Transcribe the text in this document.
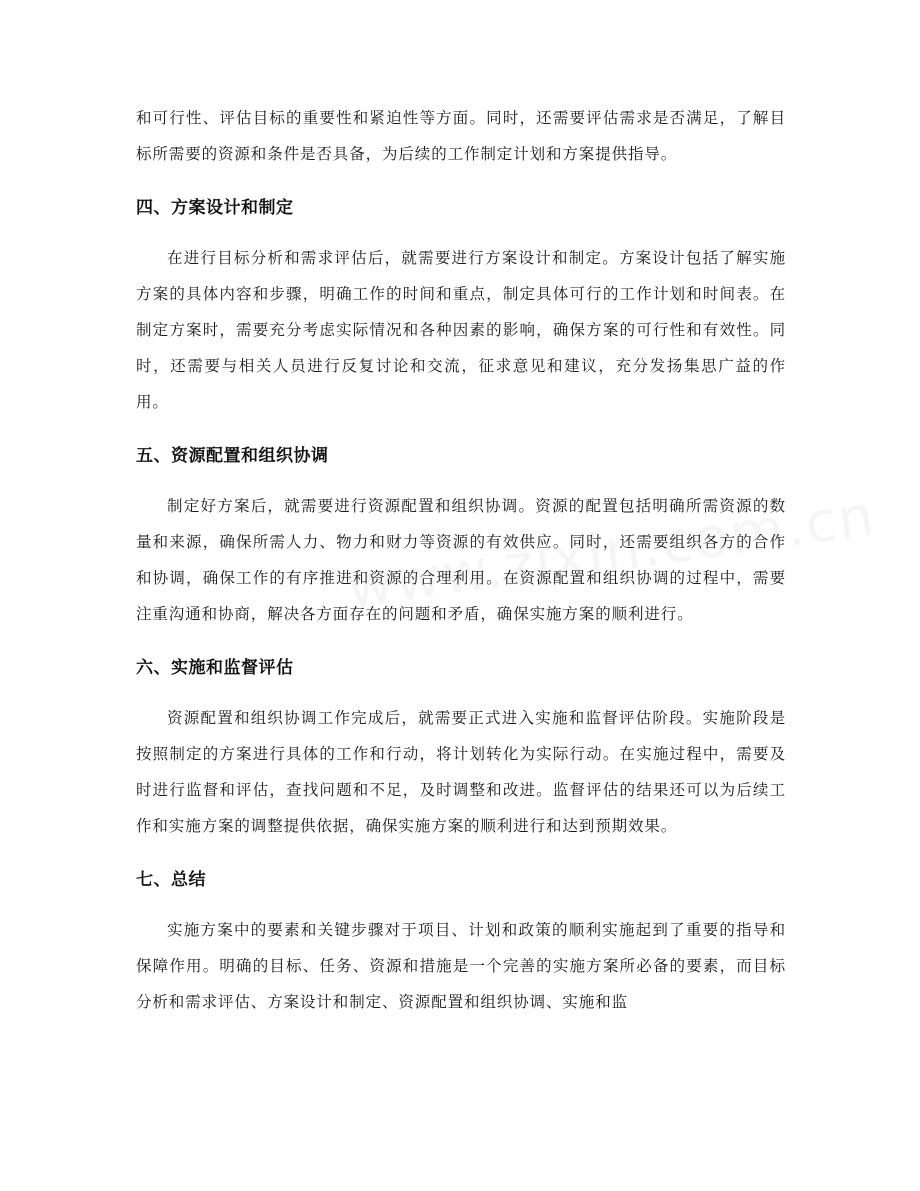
和可行性、评估目标的重要性和紧迫性等方面。同时，还需要评估需求是否满足，了解目标所需要的资源和条件是否具备，为后续的工作制定计划和方案提供指导。

四、方案设计和制定

在进行目标分析和需求评估后，就需要进行方案设计和制定。方案设计包括了解实施方案的具体内容和步骤，明确工作的时间和重点，制定具体可行的工作计划和时间表。在制定方案时，需要充分考虑实际情况和各种因素的影响，确保方案的可行性和有效性。同时，还需要与相关人员进行反复讨论和交流，征求意见和建议，充分发扬集思广益的作用。

五、资源配置和组织协调

制定好方案后，就需要进行资源配置和组织协调。资源的配置包括明确所需资源的数量和来源，确保所需人力、物力和财力等资源的有效供应。同时，还需要组织各方的合作和协调，确保工作的有序推进和资源的合理利用。在资源配置和组织协调的过程中，需要注重沟通和协商，解决各方面存在的问题和矛盾，确保实施方案的顺利进行。

六、实施和监督评估

资源配置和组织协调工作完成后，就需要正式进入实施和监督评估阶段。实施阶段是按照制定的方案进行具体的工作和行动，将计划转化为实际行动。在实施过程中，需要及时进行监督和评估，查找问题和不足，及时调整和改进。监督评估的结果还可以为后续工作和实施方案的调整提供依据，确保实施方案的顺利进行和达到预期效果。

七、总结

实施方案中的要素和关键步骤对于项目、计划和政策的顺利实施起到了重要的指导和保障作用。明确的目标、任务、资源和措施是一个完善的实施方案所必备的要素，而目标分析和需求评估、方案设计和制定、资源配置和组织协调、实施和监
